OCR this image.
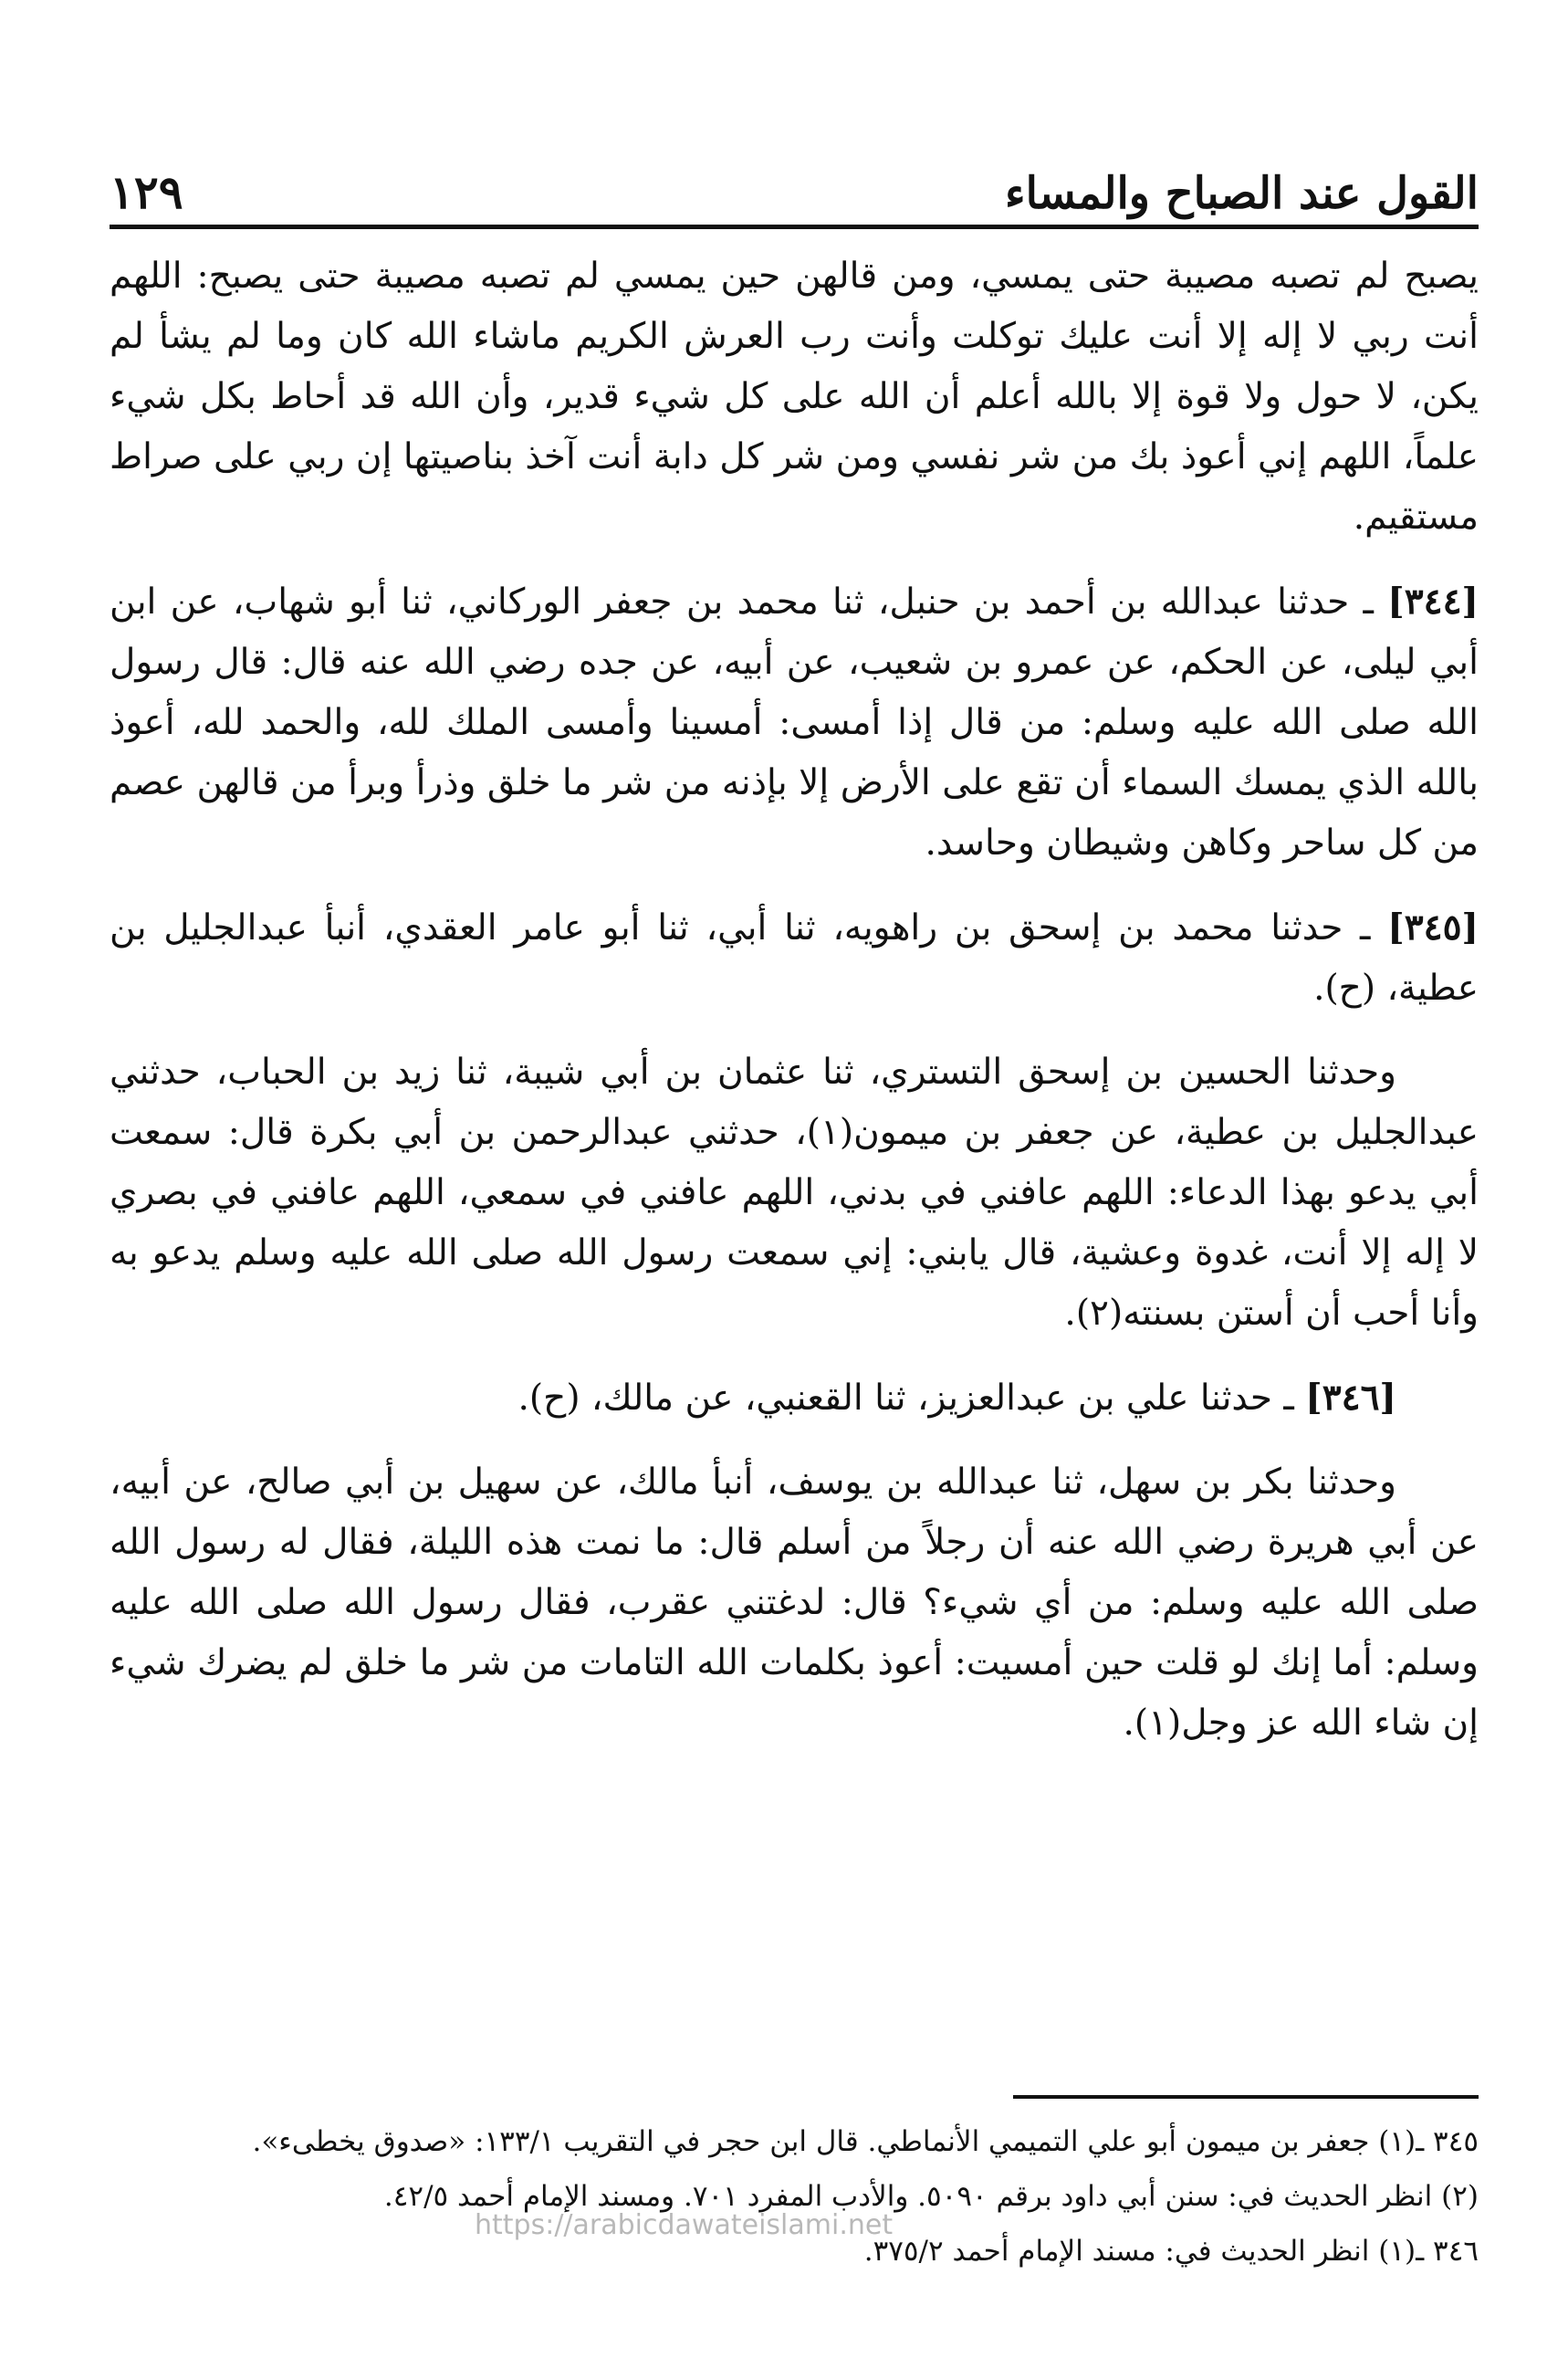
القول عند الصباح والمساء
١٢٩

يصبح لم تصبه مصيبة حتى يمسي، ومن قالهن حين يمسي لم تصبه مصيبة حتى يصبح: اللهم أنت ربي لا إله إلا أنت عليك توكلت وأنت رب العرش الكريم ماشاء الله كان وما لم يشأ لم يكن، لا حول ولا قوة إلا بالله أعلم أن الله على كل شيء قدير، وأن الله قد أحاط بكل شيء علماً، اللهم إني أعوذ بك من شر نفسي ومن شر كل دابة أنت آخذ بناصيتها إن ربي على صراط مستقيم.

[٣٤٤] ـ حدثنا عبدالله بن أحمد بن حنبل، ثنا محمد بن جعفر الوركاني، ثنا أبو شهاب، عن ابن أبي ليلى، عن الحكم، عن عمرو بن شعيب، عن أبيه، عن جده رضي الله عنه قال: قال رسول الله صلى الله عليه وسلم: من قال إذا أمسى: أمسينا وأمسى الملك لله، والحمد لله، أعوذ بالله الذي يمسك السماء أن تقع على الأرض إلا بإذنه من شر ما خلق وذرأ وبرأ من قالهن عصم من كل ساحر وكاهن وشيطان وحاسد.

[٣٤٥] ـ حدثنا محمد بن إسحق بن راهويه، ثنا أبي، ثنا أبو عامر العقدي، أنبأ عبدالجليل بن عطية، (ح).

وحدثنا الحسين بن إسحق التستري، ثنا عثمان بن أبي شيبة، ثنا زيد بن الحباب، حدثني عبدالجليل بن عطية، عن جعفر بن ميمون(١)، حدثني عبدالرحمن بن أبي بكرة قال: سمعت أبي يدعو بهذا الدعاء: اللهم عافني في بدني، اللهم عافني في سمعي، اللهم عافني في بصري لا إله إلا أنت، غدوة وعشية، قال يابني: إني سمعت رسول الله صلى الله عليه وسلم يدعو به وأنا أحب أن أستن بسنته(٢).

[٣٤٦] ـ حدثنا علي بن عبدالعزيز، ثنا القعنبي، عن مالك، (ح).

وحدثنا بكر بن سهل، ثنا عبدالله بن يوسف، أنبأ مالك، عن سهيل بن أبي صالح، عن أبيه، عن أبي هريرة رضي الله عنه أن رجلاً من أسلم قال: ما نمت هذه الليلة، فقال له رسول الله صلى الله عليه وسلم: من أي شيء؟ قال: لدغتني عقرب، فقال رسول الله صلى الله عليه وسلم: أما إنك لو قلت حين أمسيت: أعوذ بكلمات الله التامات من شر ما خلق لم يضرك شيء إن شاء الله عز وجل(١).

٣٤٥ ـ(١) جعفر بن ميمون أبو علي التميمي الأنماطي. قال ابن حجر في التقريب ١٣٣/١: «صدوق يخطىء».

(٢) انظر الحديث في: سنن أبي داود برقم ٥٠٩٠. والأدب المفرد ٧٠١. ومسند الإمام أحمد ٤٢/٥.

٣٤٦ ـ(١) انظر الحديث في: مسند الإمام أحمد ٣٧٥/٢.

https://arabicdawateislami.net
